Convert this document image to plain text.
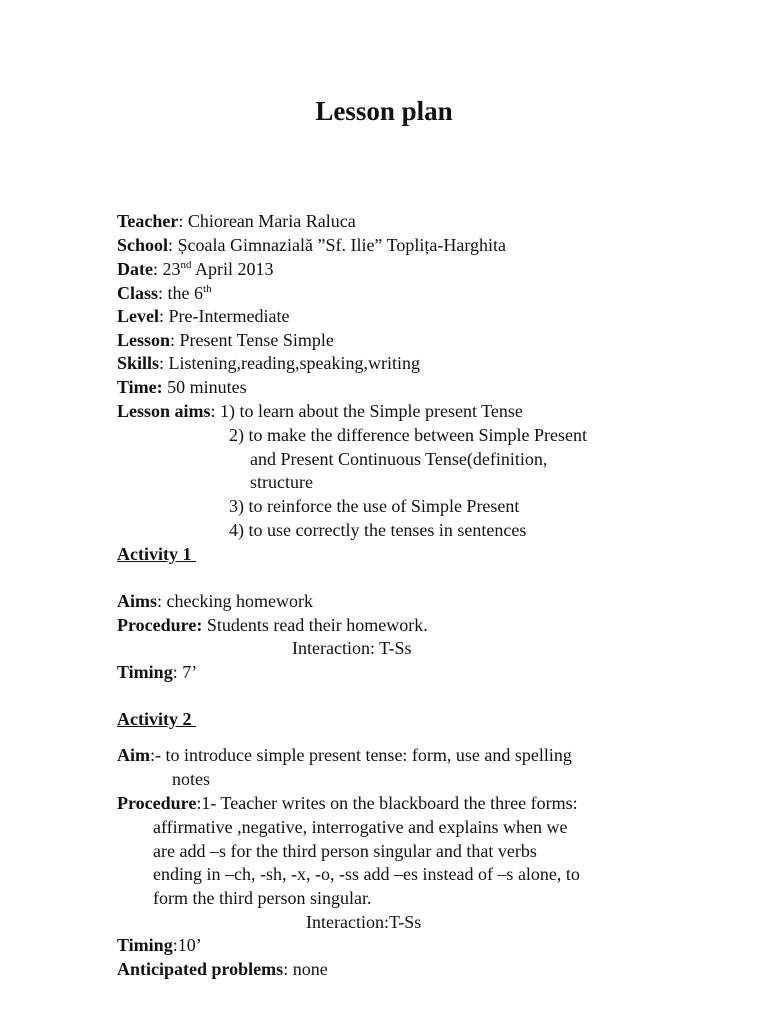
Lesson plan
Teacher: Chiorean Maria Raluca
School: Școala Gimnazială ”Sf. Ilie” Toplița-Harghita
Date: 23nd April 2013
Class: the 6th
Level: Pre-Intermediate
Lesson: Present Tense Simple
Skills: Listening,reading,speaking,writing
Time: 50 minutes
Lesson aims: 1) to learn about the Simple present Tense
2) to make the difference between Simple Present
and Present Continuous Tense(definition,
structure
3) to reinforce the use of Simple Present
4) to use correctly the tenses in sentences
Activity 1
Aims: checking homework
Procedure: Students read their homework.
Interaction: T-Ss
Timing: 7’
Activity 2
Aim:- to introduce simple present tense: form, use and spelling
notes
Procedure:1- Teacher writes on the blackboard the three forms:
affirmative ,negative, interrogative and explains when we
are add –s for the third person singular and that verbs
ending in –ch, -sh, -x, -o, -ss add –es instead of –s alone, to
form the third person singular.
Interaction:T-Ss
Timing:10’
Anticipated problems: none
